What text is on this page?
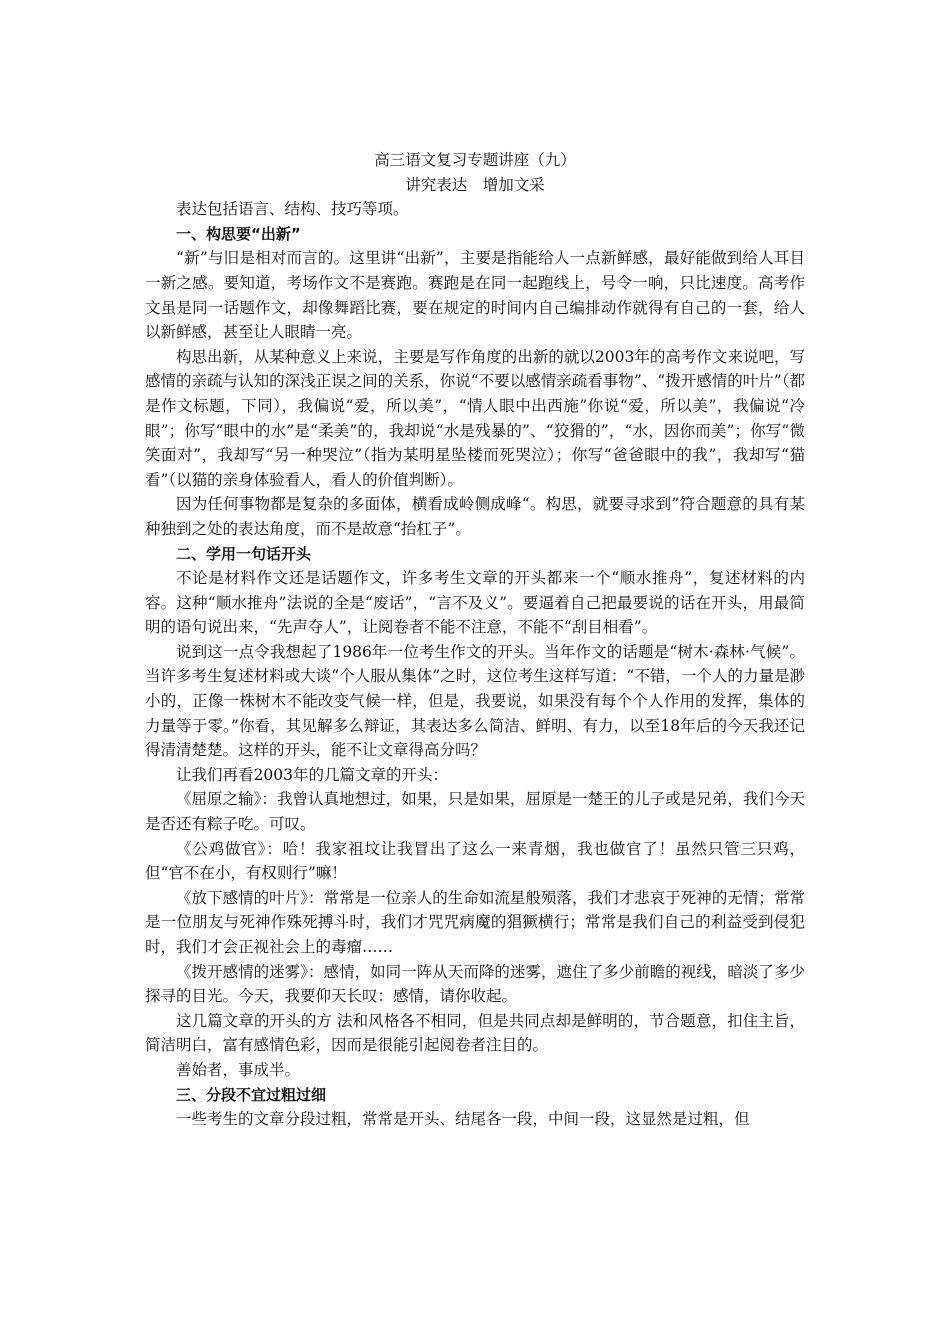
高三语文复习专题讲座（九）

讲究表达　增加文采

表达包括语言、结构、技巧等项。

一、构思要“出新”

“新”与旧是相对而言的。这里讲“出新”，主要是指能给人一点新鲜感，最好能做到给人耳目一新之感。要知道，考场作文不是赛跑。赛跑是在同一起跑线上，号令一响，只比速度。高考作文虽是同一话题作文，却像舞蹈比赛，要在规定的时间内自己编排动作就得有自己的一套，给人以新鲜感，甚至让人眼睛一亮。

构思出新，从某种意义上来说，主要是写作角度的出新的就以2003年的高考作文来说吧，写感情的亲疏与认知的深浅正误之间的关系，你说“不要以感情亲疏看事物”、“拨开感情的叶片”（都是作文标题，下同），我偏说“爱，所以美”，“情人眼中出西施”你说“爱，所以美”，我偏说“冷眼”；你写“眼中的水”是“柔美”的，我却说“水是残暴的”、“狡猾的”，“水，因你而美”；你写“微笑面对”，我却写“另一种哭泣”（指为某明星坠楼而死哭泣）；你写“爸爸眼中的我”，我却写“猫看”（以猫的亲身体验看人，看人的价值判断）。

因为任何事物都是复杂的多面体，横看成岭侧成峰“。构思，就要寻求到”符合题意的具有某种独到之处的表达角度，而不是故意“抬杠子”。

二、学用一句话开头

不论是材料作文还是话题作文，许多考生文章的开头都来一个“顺水推舟”，复述材料的内容。这种“顺水推舟”法说的全是“废话”，“言不及义”。要逼着自己把最要说的话在开头，用最简明的语句说出来，“先声夺人”，让阅卷者不能不注意，不能不“刮目相看”。

说到这一点令我想起了1986年一位考生作文的开头。当年作文的话题是“树木·森林·气候”。当许多考生复述材料或大谈“个人服从集体”之时，这位考生这样写道：“不错，一个人的力量是渺小的，正像一株树木不能改变气候一样，但是，我要说，如果没有每个个人作用的发挥，集体的力量等于零。”你看，其见解多么辩证，其表达多么简洁、鲜明、有力，以至18年后的今天我还记得清清楚楚。这样的开头，能不让文章得高分吗？

让我们再看2003年的几篇文章的开头：

《屈原之输》：我曾认真地想过，如果，只是如果，屈原是一楚王的儿子或是兄弟，我们今天是否还有粽子吃。可叹。

《公鸡做官》：哈！我家祖坟让我冒出了这么一来青烟，我也做官了！虽然只管三只鸡，但“官不在小，有权则行”嘛！

《放下感情的叶片》：常常是一位亲人的生命如流星般殒落，我们才悲哀于死神的无情；常常是一位朋友与死神作殊死搏斗时，我们才咒咒病魔的猖獗横行；常常是我们自己的利益受到侵犯时，我们才会正视社会上的毒瘤……

《拨开感情的迷雾》：感情，如同一阵从天而降的迷雾，遮住了多少前瞻的视线，暗淡了多少探寻的目光。今天，我要仰天长叹：感情，请你收起。

这几篇文章的开头的方 法和风格各不相同，但是共同点却是鲜明的，节合题意，扣住主旨，简洁明白，富有感情色彩，因而是很能引起阅卷者注目的。

善始者，事成半。

三、分段不宜过粗过细

一些考生的文章分段过粗，常常是开头、结尾各一段，中间一段，这显然是过粗，但
